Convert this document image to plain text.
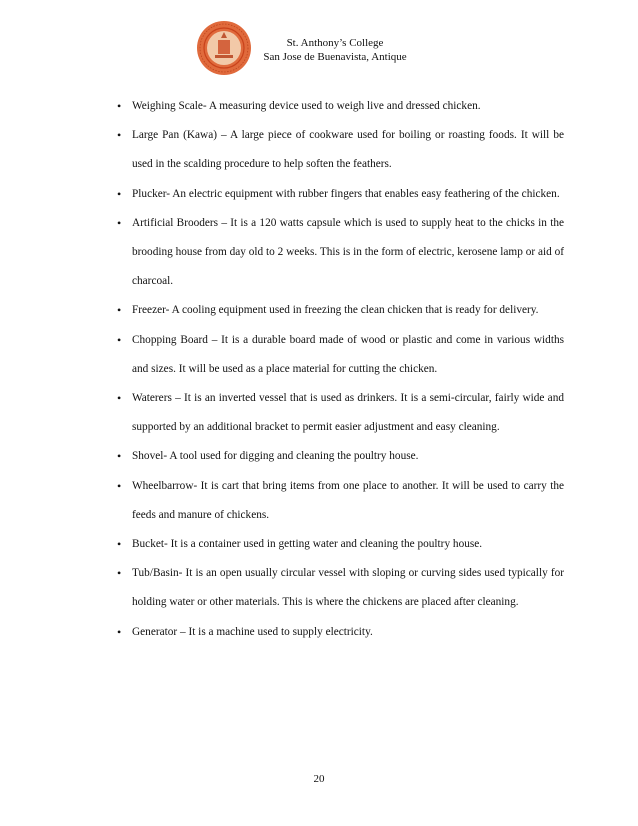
St. Anthony’s College
San Jose de Buenavista, Antique
• Weighing Scale- A measuring device used to weigh live and dressed chicken.
• Large Pan (Kawa) – A large piece of cookware used for boiling or roasting foods. It will be used in the scalding procedure to help soften the feathers.
• Plucker- An electric equipment with rubber fingers that enables easy feathering of the chicken.
• Artificial Brooders – It is a 120 watts capsule which is used to supply heat to the chicks in the brooding house from day old to 2 weeks. This is in the form of electric, kerosene lamp or aid of charcoal.
• Freezer- A cooling equipment used in freezing the clean chicken that is ready for delivery.
• Chopping Board – It is a durable board made of wood or plastic and come in various widths and sizes. It will be used as a place material for cutting the chicken.
• Waterers – It is an inverted vessel that is used as drinkers. It is a semi-circular, fairly wide and supported by an additional bracket to permit easier adjustment and easy cleaning.
• Shovel- A tool used for digging and cleaning the poultry house.
• Wheelbarrow- It is cart that bring items from one place to another. It will be used to carry the feeds and manure of chickens.
• Bucket- It is a container used in getting water and cleaning the poultry house.
• Tub/Basin- It is an open usually circular vessel with sloping or curving sides used typically for holding water or other materials. This is where the chickens are placed after cleaning.
• Generator – It is a machine used to supply electricity.
20
